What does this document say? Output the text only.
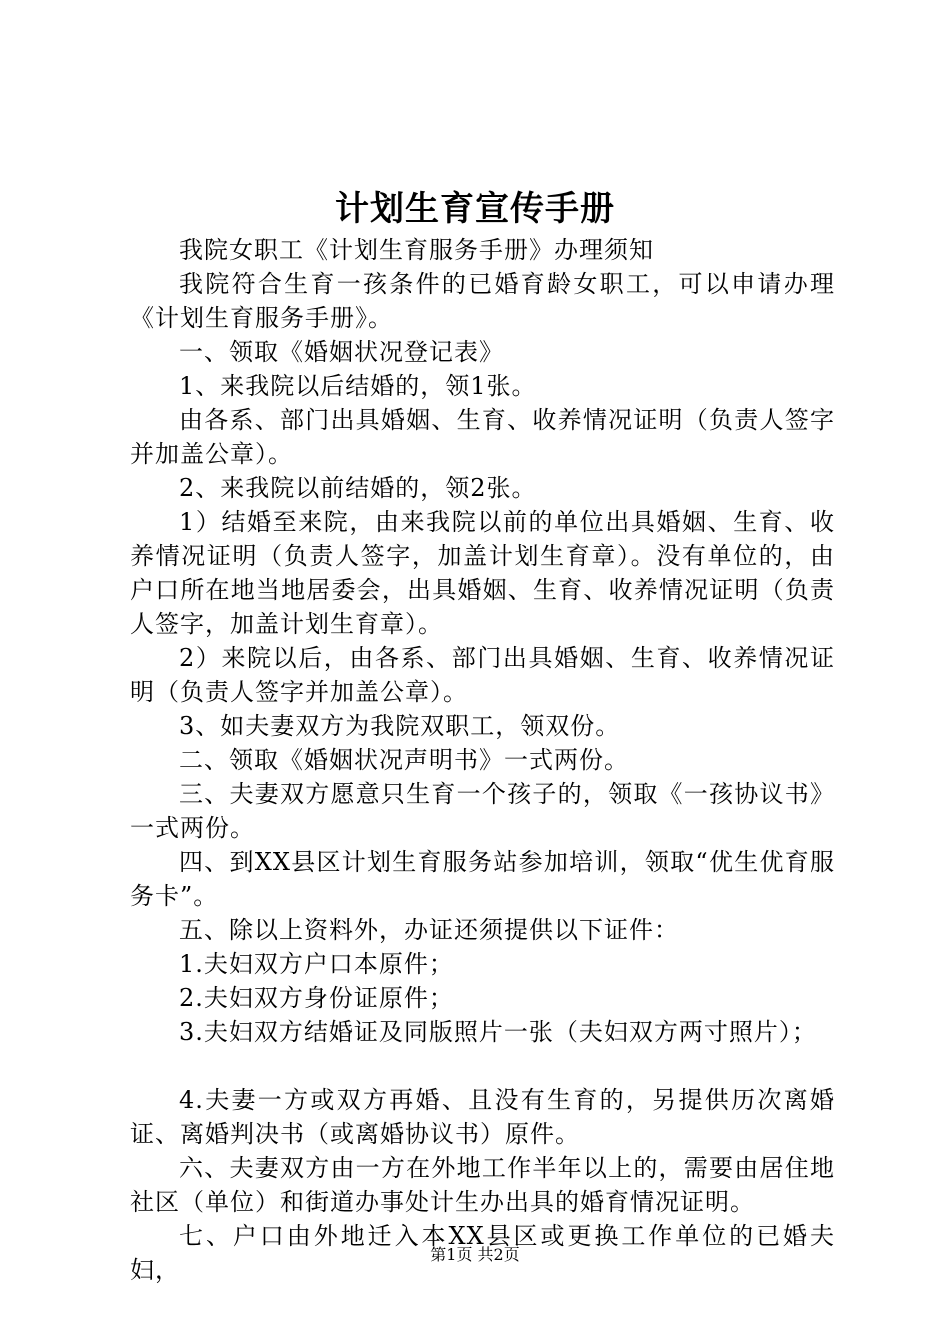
计划生育宣传手册

我院女职工《计划生育服务手册》办理须知

我院符合生育一孩条件的已婚育龄女职工，可以申请办理《计划生育服务手册》。

一、领取《婚姻状况登记表》

1、来我院以后结婚的，领1张。

由各系、部门出具婚姻、生育、收养情况证明（负责人签字并加盖公章）。

2、来我院以前结婚的，领2张。

1）结婚至来院，由来我院以前的单位出具婚姻、生育、收养情况证明（负责人签字，加盖计划生育章）。没有单位的，由户口所在地当地居委会，出具婚姻、生育、收养情况证明（负责人签字，加盖计划生育章）。

2）来院以后，由各系、部门出具婚姻、生育、收养情况证明（负责人签字并加盖公章）。

3、如夫妻双方为我院双职工，领双份。

二、领取《婚姻状况声明书》一式两份。

三、夫妻双方愿意只生育一个孩子的，领取《一孩协议书》一式两份。

四、到XX县区计划生育服务站参加培训，领取“优生优育服务卡”。

五、除以上资料外，办证还须提供以下证件：

1.夫妇双方户口本原件；

2.夫妇双方身份证原件；

3.夫妇双方结婚证及同版照片一张（夫妇双方两寸照片）；

4.夫妻一方或双方再婚、且没有生育的，另提供历次离婚证、离婚判决书（或离婚协议书）原件。

六、夫妻双方由一方在外地工作半年以上的，需要由居住地社区（单位）和街道办事处计生办出具的婚育情况证明。

七、户口由外地迁入本XX县区或更换工作单位的已婚夫妇，

第1页 共2页
